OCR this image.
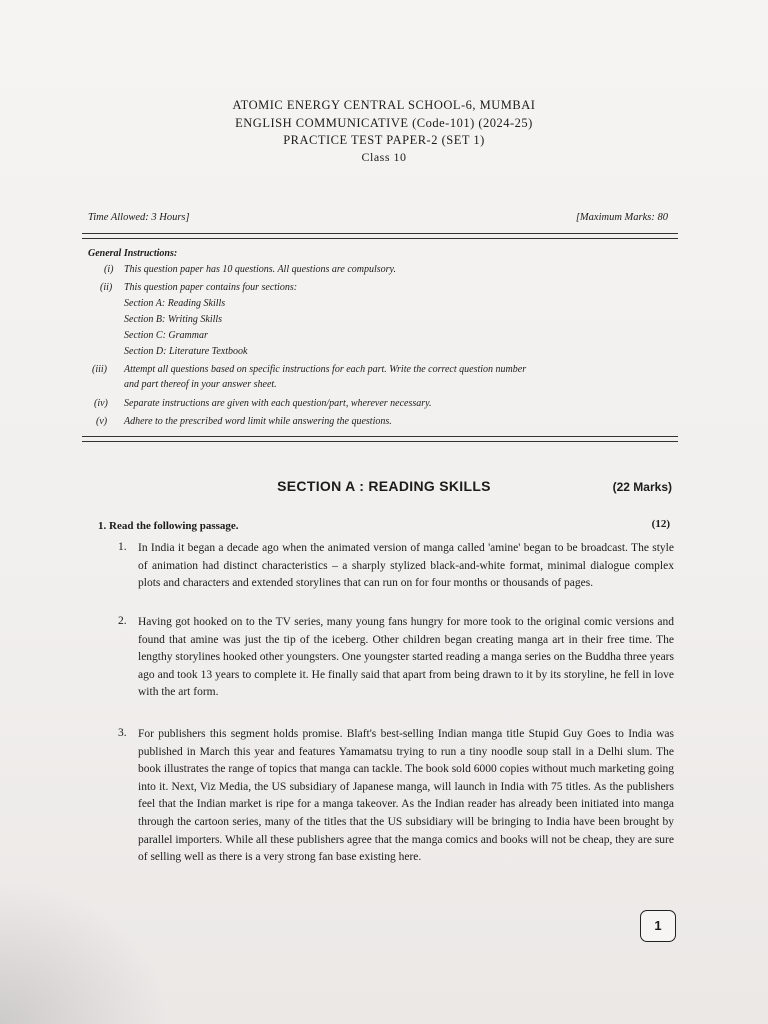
ATOMIC ENERGY CENTRAL SCHOOL-6, MUMBAI
ENGLISH COMMUNICATIVE (Code-101) (2024-25)
PRACTICE TEST PAPER-2 (SET 1)
Class 10
Time Allowed: 3 Hours]	[Maximum Marks: 80
General Instructions:
(i) This question paper has 10 questions. All questions are compulsory.
(ii) This question paper contains four sections:
Section A: Reading Skills
Section B: Writing Skills
Section C: Grammar
Section D: Literature Textbook
(iii) Attempt all questions based on specific instructions for each part. Write the correct question number
and part thereof in your answer sheet.
(iv) Separate instructions are given with each question/part, wherever necessary.
(v) Adhere to the prescribed word limit while answering the questions.
SECTION A : READING SKILLS	(22 Marks)
1. Read the following passage.	(12)
1. In India it began a decade ago when the animated version of manga called 'amine' began to be broadcast. The style of animation had distinct characteristics – a sharply stylized black-and-white format, minimal dialogue complex plots and characters and extended storylines that can run on for four months or thousands of pages.
2. Having got hooked on to the TV series, many young fans hungry for more took to the original comic versions and found that amine was just the tip of the iceberg. Other children began creating manga art in their free time. The lengthy storylines hooked other youngsters. One youngster started reading a manga series on the Buddha three years ago and took 13 years to complete it. He finally said that apart from being drawn to it by its storyline, he fell in love with the art form.
3. For publishers this segment holds promise. Blaft's best-selling Indian manga title Stupid Guy Goes to India was published in March this year and features Yamamatsu trying to run a tiny noodle soup stall in a Delhi slum. The book illustrates the range of topics that manga can tackle. The book sold 6000 copies without much marketing going into it. Next, Viz Media, the US subsidiary of Japanese manga, will launch in India with 75 titles. As the publishers feel that the Indian market is ripe for a manga takeover. As the Indian reader has already been initiated into manga through the cartoon series, many of the titles that the US subsidiary will be bringing to India have been brought by parallel importers. While all these publishers agree that the manga comics and books will not be cheap, they are sure of selling well as there is a very strong fan base existing here.
1
